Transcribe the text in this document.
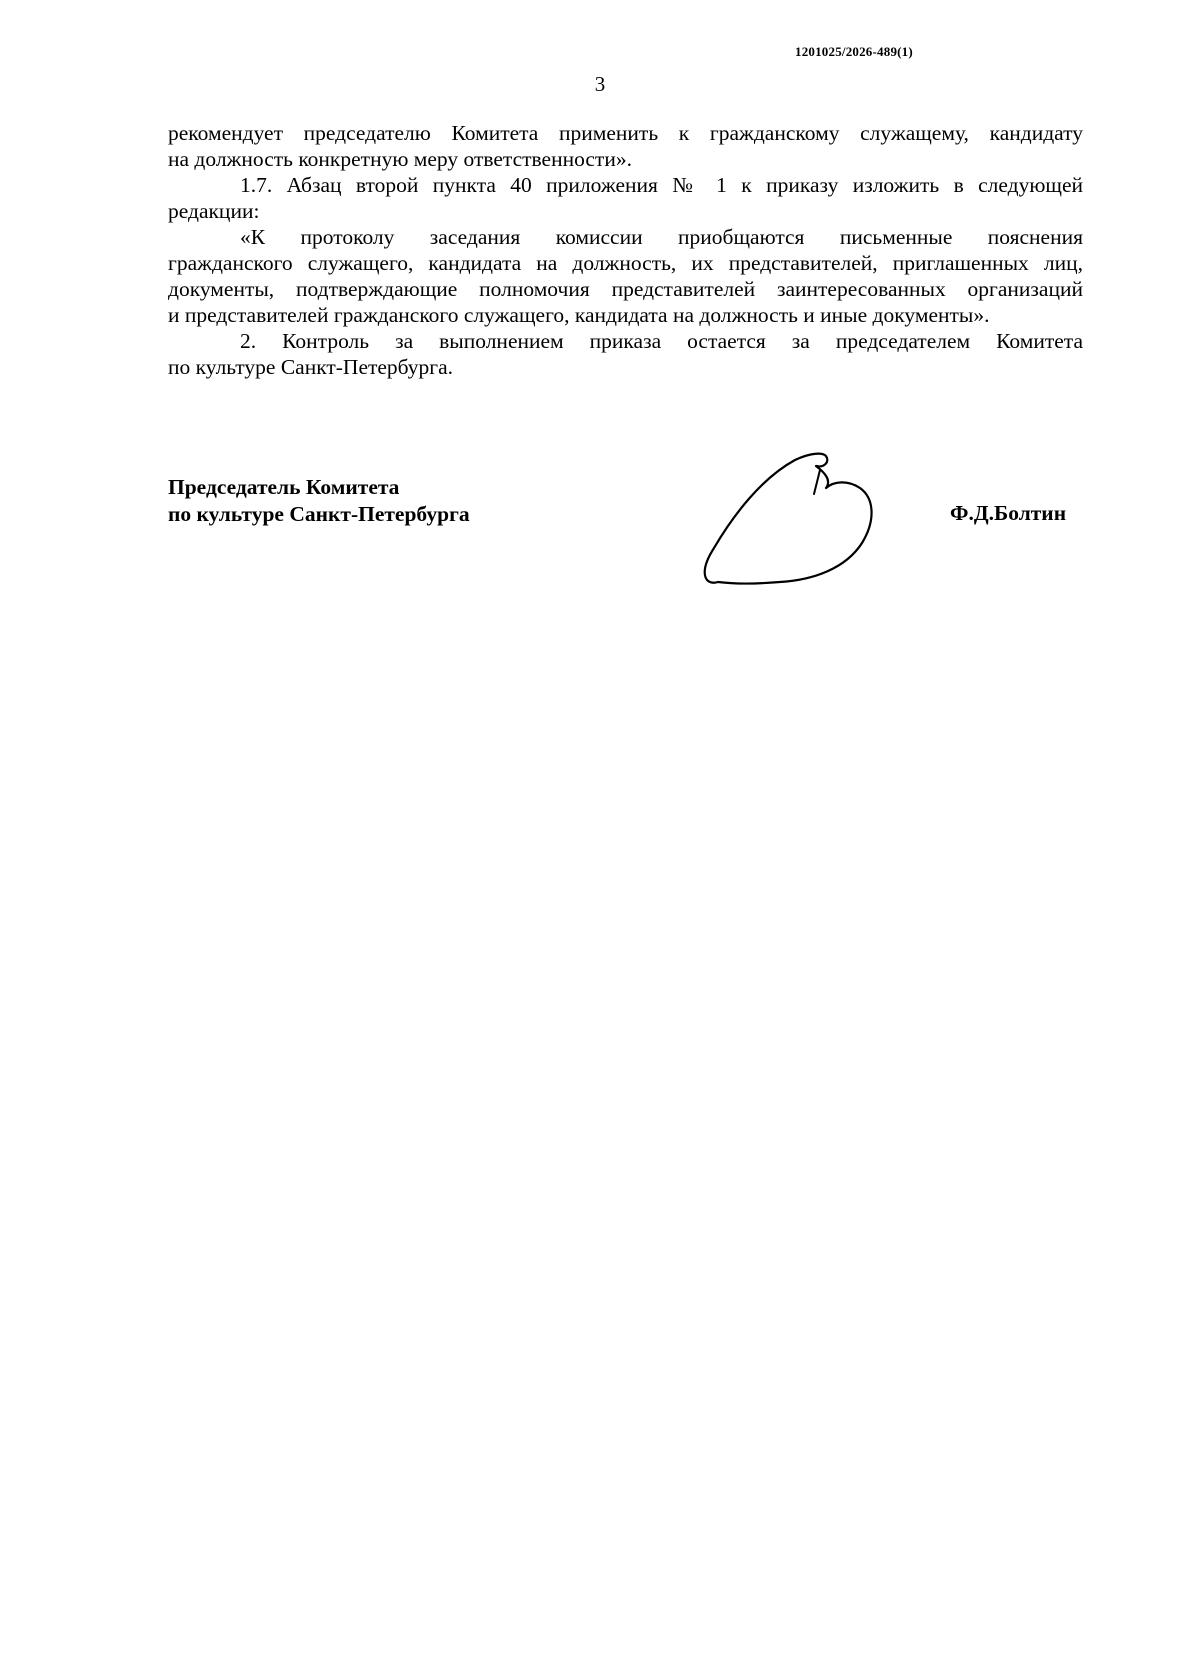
1201025/2026-489(1)
3

рекомендует председателю Комитета применить к гражданскому служащему, кандидату

на должность конкретную меру ответственности».

1.7. Абзац второй пункта 40 приложения № 1 к приказу изложить в следующей

редакции:

«К протоколу заседания комиссии приобщаются письменные пояснения

гражданского служащего, кандидата на должность, их представителей, приглашенных лиц,

документы, подтверждающие полномочия представителей заинтересованных организаций

и представителей гражданского служащего, кандидата на должность и иные документы».

2. Контроль за выполнением приказа остается за председателем Комитета

по культуре Санкт-Петербурга.

Председатель Комитета
по культуре Санкт-Петербурга	Ф.Д.Болтин
